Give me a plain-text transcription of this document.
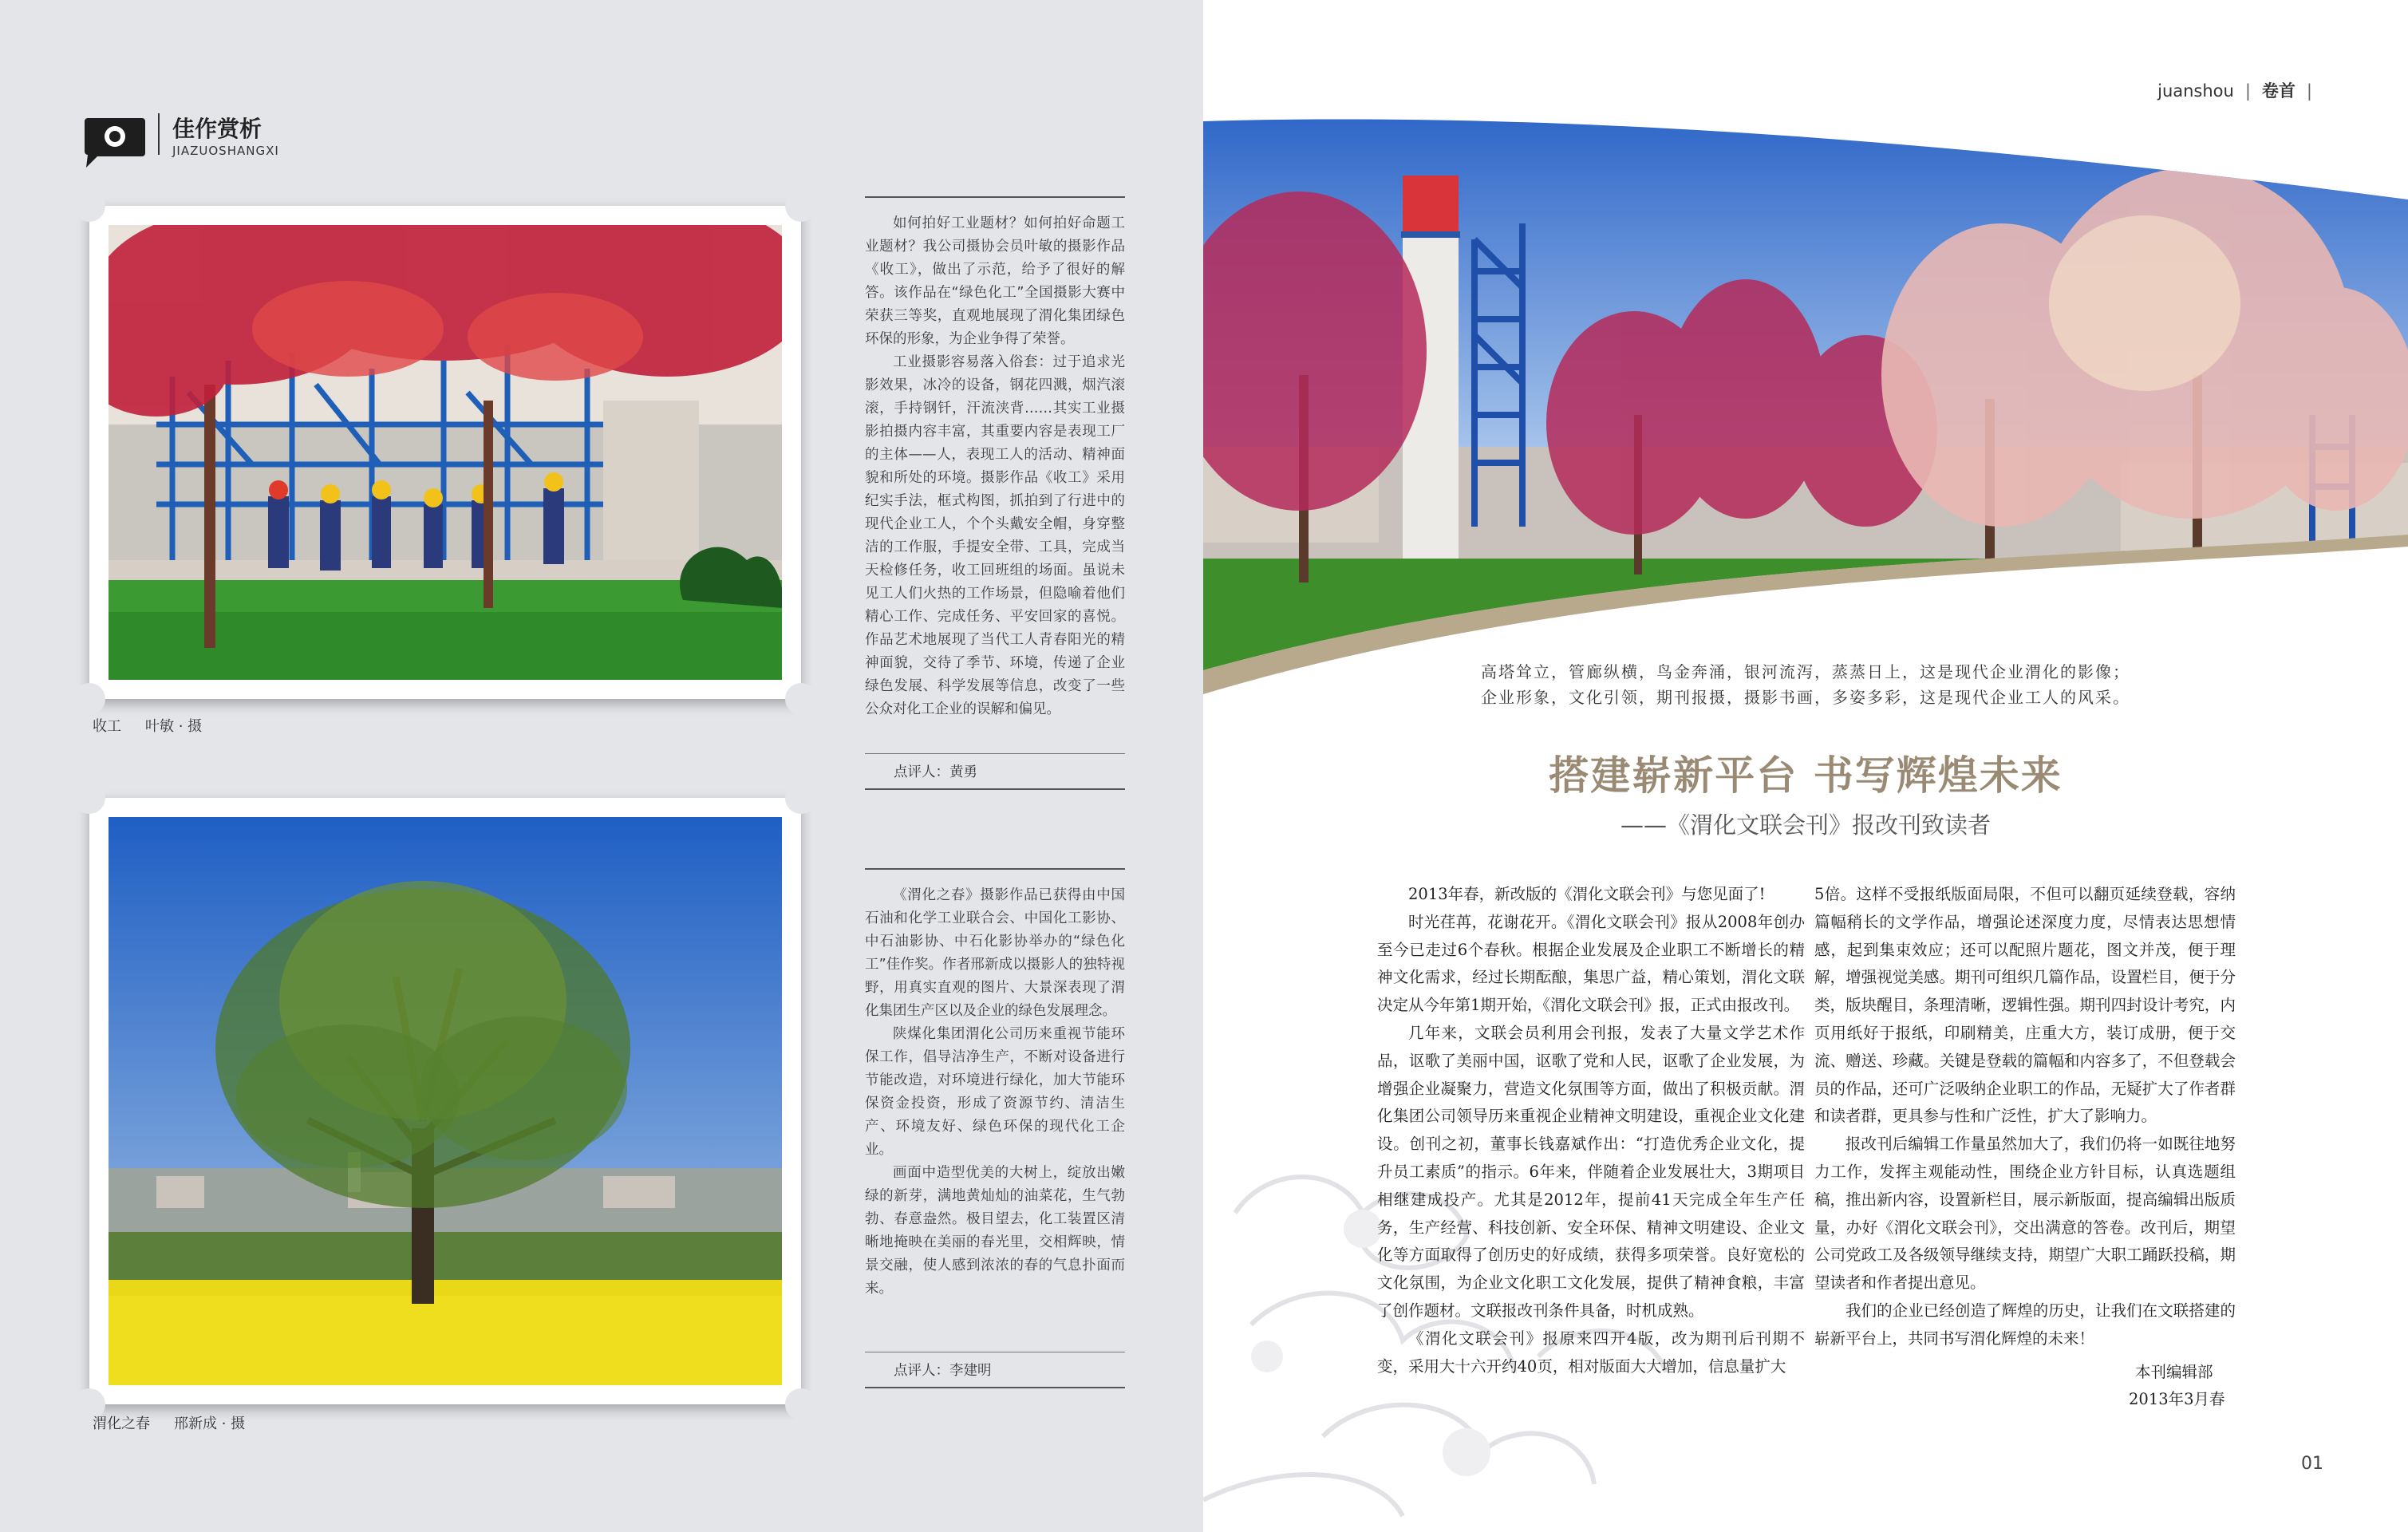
佳作赏析
JIAZUOSHANGXI
收工 叶敏 · 摄
渭化之春 邢新成 · 摄

如何拍好工业题材？如何拍好命题工业题材？我公司摄协会员叶敏的摄影作品《收工》，做出了示范，给予了很好的解答。该作品在“绿色化工”全国摄影大赛中荣获三等奖，直观地展现了渭化集团绿色环保的形象，为企业争得了荣誉。

工业摄影容易落入俗套：过于追求光影效果，冰冷的设备，钢花四溅，烟汽滚滚，手持钢钎，汗流浃背……其实工业摄影拍摄内容丰富，其重要内容是表现工厂的主体——人，表现工人的活动、精神面貌和所处的环境。摄影作品《收工》采用纪实手法，框式构图，抓拍到了行进中的现代企业工人，个个头戴安全帽，身穿整洁的工作服，手提安全带、工具，完成当天检修任务，收工回班组的场面。虽说未见工人们火热的工作场景，但隐喻着他们精心工作、完成任务、平安回家的喜悦。作品艺术地展现了当代工人青春阳光的精神面貌，交待了季节、环境，传递了企业绿色发展、科学发展等信息，改变了一些公众对化工企业的误解和偏见。

点评人：黄勇

《渭化之春》摄影作品已获得由中国石油和化学工业联合会、中国化工影协、中石油影协、中石化影协举办的“绿色化工”佳作奖。作者邢新成以摄影人的独特视野，用真实直观的图片、大景深表现了渭化集团生产区以及企业的绿色发展理念。

陕煤化集团渭化公司历来重视节能环保工作，倡导洁净生产，不断对设备进行节能改造，对环境进行绿化，加大节能环保资金投资，形成了资源节约、清洁生产、环境友好、绿色环保的现代化工企业。

画面中造型优美的大树上，绽放出嫩绿的新芽，满地黄灿灿的油菜花，生气勃勃、春意盎然。极目望去，化工装置区清晰地掩映在美丽的春光里，交相辉映，情景交融，使人感到浓浓的春的气息扑面而来。

点评人：李建明
juanshou | 卷首 |
高塔耸立，管廊纵横，鸟金奔涌，银河流泻，蒸蒸日上，这是现代企业渭化的影像；
企业形象，文化引领，期刊报摄，摄影书画，多姿多彩，这是现代企业工人的风采。
搭建崭新平台 书写辉煌未来
——《渭化文联会刊》报改刊致读者

2013年春，新改版的《渭化文联会刊》与您见面了!

时光荏苒，花谢花开。《渭化文联会刊》报从2008年创办至今已走过6个春秋。根据企业发展及企业职工不断增长的精神文化需求，经过长期酝酿，集思广益，精心策划，渭化文联决定从今年第1期开始，《渭化文联会刊》报，正式由报改刊。

几年来，文联会员利用会刊报，发表了大量文学艺术作品，讴歌了美丽中国，讴歌了党和人民，讴歌了企业发展，为增强企业凝聚力，营造文化氛围等方面，做出了积极贡献。渭化集团公司领导历来重视企业精神文明建设，重视企业文化建设。创刊之初，董事长钱嘉斌作出：“打造优秀企业文化，提升员工素质”的指示。6年来，伴随着企业发展壮大，3期项目相继建成投产。尤其是2012年，提前41天完成全年生产任务，生产经营、科技创新、安全环保、精神文明建设、企业文化等方面取得了创历史的好成绩，获得多项荣誉。良好宽松的文化氛围，为企业文化职工文化发展，提供了精神食粮，丰富了创作题材。文联报改刊条件具备，时机成熟。

《渭化文联会刊》报原来四开4版，改为期刊后刊期不变，采用大十六开约40页，相对版面大大增加，信息量扩大

5倍。这样不受报纸版面局限，不但可以翻页延续登载，容纳篇幅稍长的文学作品，增强论述深度力度，尽情表达思想情感，起到集束效应；还可以配照片题花，图文并茂，便于理解，增强视觉美感。期刊可组织几篇作品，设置栏目，便于分类，版块醒目，条理清晰，逻辑性强。期刊四封设计考究，内页用纸好于报纸，印刷精美，庄重大方，装订成册，便于交流、赠送、珍藏。关键是登载的篇幅和内容多了，不但登载会员的作品，还可广泛吸纳企业职工的作品，无疑扩大了作者群和读者群，更具参与性和广泛性，扩大了影响力。

报改刊后编辑工作量虽然加大了，我们仍将一如既往地努力工作，发挥主观能动性，围绕企业方针目标，认真选题组稿，推出新内容，设置新栏目，展示新版面，提高编辑出版质量，办好《渭化文联会刊》，交出满意的答卷。改刊后，期望公司党政工及各级领导继续支持，期望广大职工踊跃投稿，期望读者和作者提出意见。

我们的企业已经创造了辉煌的历史，让我们在文联搭建的崭新平台上，共同书写渭化辉煌的未来！

本刊编辑部
2013年3月春
01
